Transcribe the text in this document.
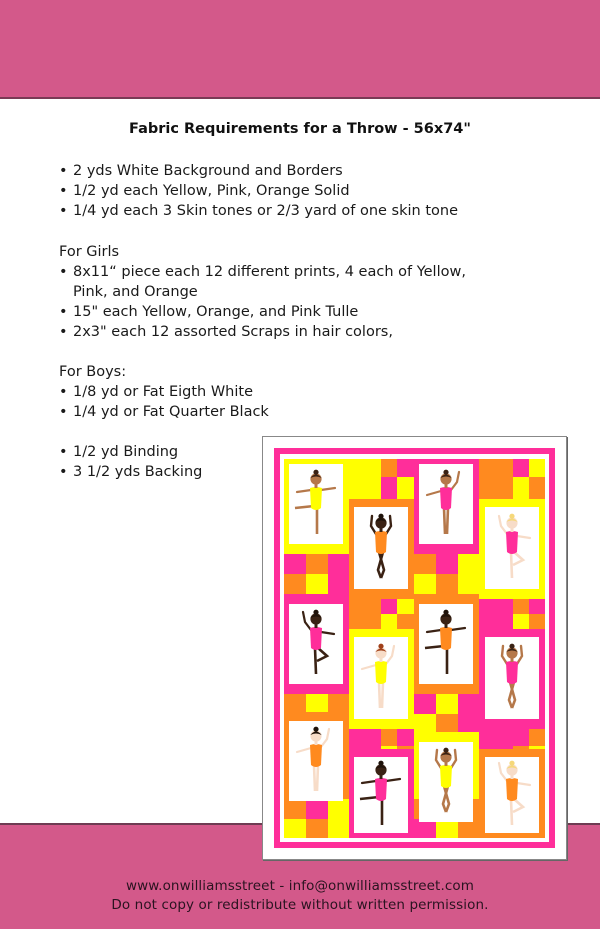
Fabric Requirements for a Throw - 56x74"
• 2 yds White Background and Borders
• 1/2 yd each Yellow, Pink, Orange Solid
• 1/4 yd each 3 Skin tones or 2/3 yard of one skin tone
For Girls
• 8x11“ piece each 12 different prints, 4 each of Yellow,
Pink, and Orange
• 15" each Yellow, Orange, and Pink Tulle
• 2x3" each 12 assorted Scraps in hair colors,
For Boys:
• 1/8 yd or Fat Eigth White
• 1/4 yd or Fat Quarter Black
• 1/2 yd Binding
• 3 1/2 yds Backing
www.onwilliamsstreet - info@onwilliamsstreet.com
Do not copy or redistribute without written permission.
